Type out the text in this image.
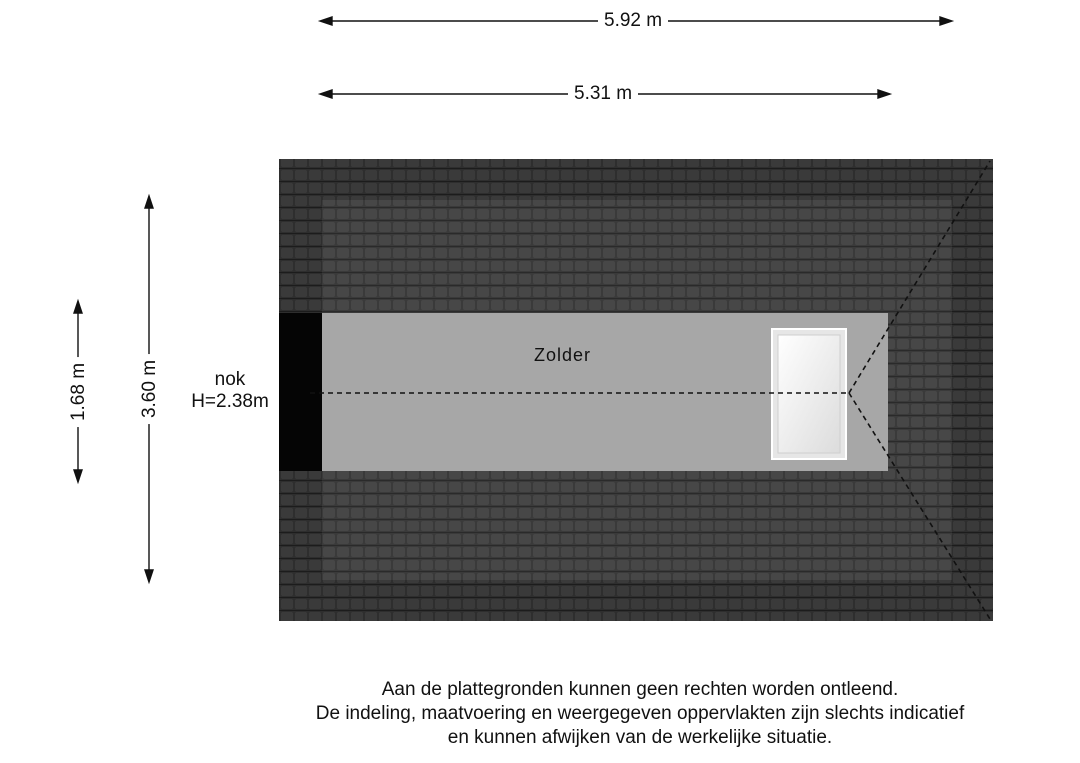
5.92 m
5.31 m
1.68 m	3.60 m
Zolder
nok
H=2.38m
Aan de plattegronden kunnen geen rechten worden ontleend.
De indeling, maatvoering en weergegeven oppervlakten zijn slechts indicatief
en kunnen afwijken van de werkelijke situatie.
